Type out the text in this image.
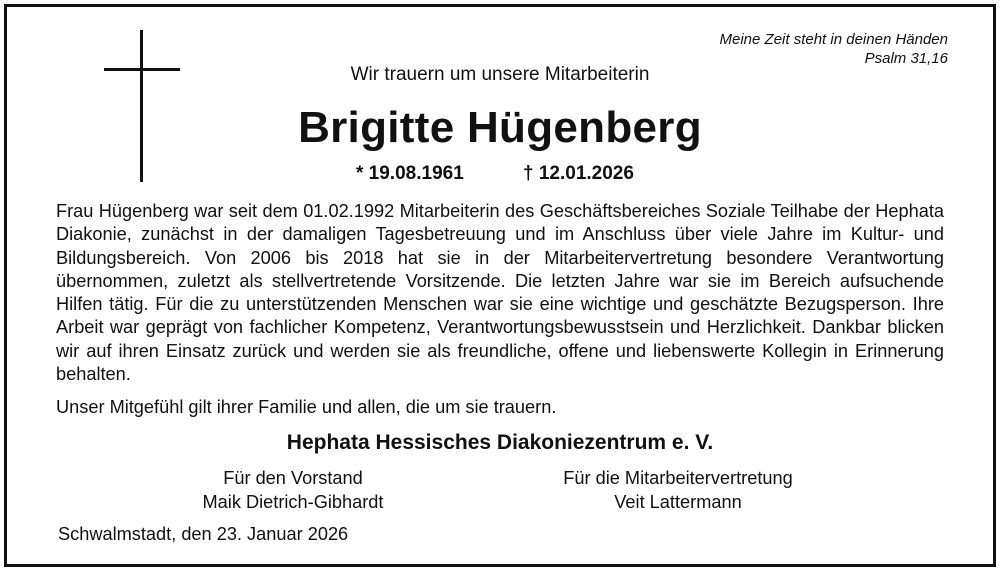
Meine Zeit steht in deinen Händen
Psalm 31,16
Wir trauern um unsere Mitarbeiterin
Brigitte Hügenberg
* 19.08.1961	† 12.01.2026

Frau Hügenberg war seit dem 01.02.1992 Mitarbeiterin des Geschäftsbereiches Soziale Teilhabe der Hephata Diakonie, zunächst in der damaligen Tagesbetreuung und im Anschluss über viele Jahre im Kultur- und Bildungsbereich. Von 2006 bis 2018 hat sie in der Mitarbeitervertretung besondere Verantwortung übernommen, zuletzt als stellvertretende Vorsitzende. Die letzten Jahre war sie im Bereich aufsuchende Hilfen tätig. Für die zu unterstützenden Menschen war sie eine wichtige und geschätzte Bezugsperson. Ihre Arbeit war geprägt von fachlicher Kompetenz, Verantwortungsbewusstsein und Herzlichkeit. Dankbar blicken wir auf ihren Einsatz zurück und werden sie als freundliche, offene und liebenswerte Kollegin in Erinnerung behalten.

Unser Mitgefühl gilt ihrer Familie und allen, die um sie trauern.
Hephata Hessisches Diakoniezentrum e. V.
Für den Vorstand
Maik Dietrich-Gibhardt
Für die Mitarbeitervertretung
Veit Lattermann
Schwalmstadt, den 23. Januar 2026
